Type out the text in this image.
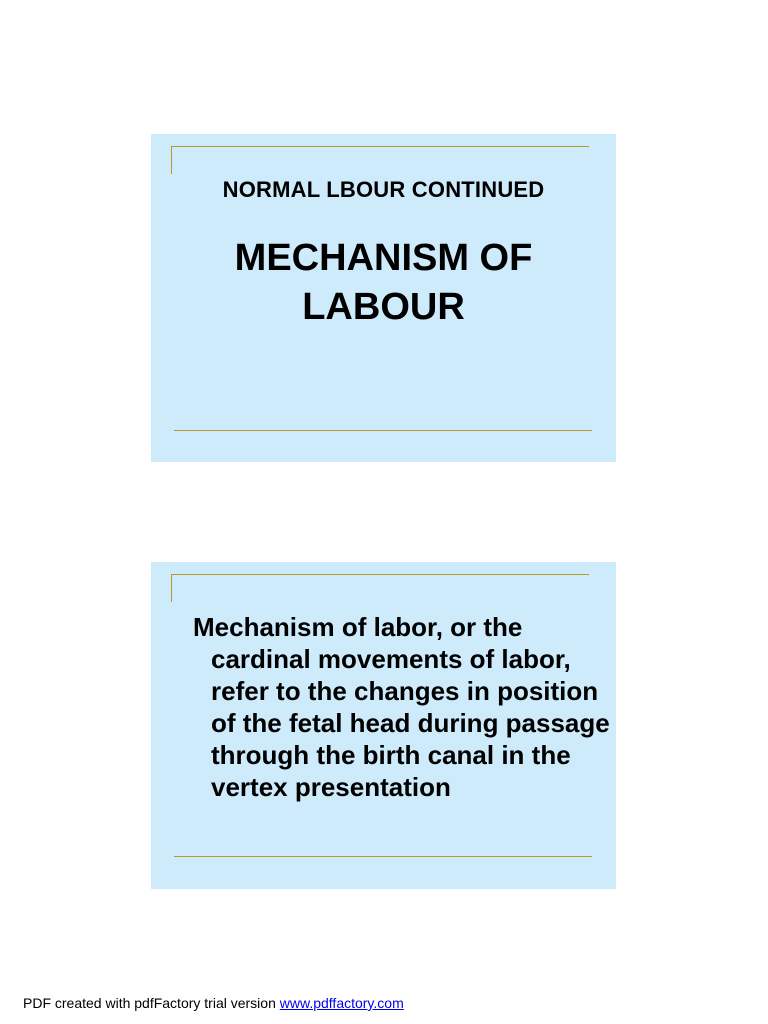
NORMAL LBOUR CONTINUED
MECHANISM OF
LABOUR
Mechanism of labor, or the cardinal movements of labor, refer to the changes in position of the fetal head during passage through the birth canal in the vertex presentation
PDF created with pdfFactory trial version www.pdffactory.com
